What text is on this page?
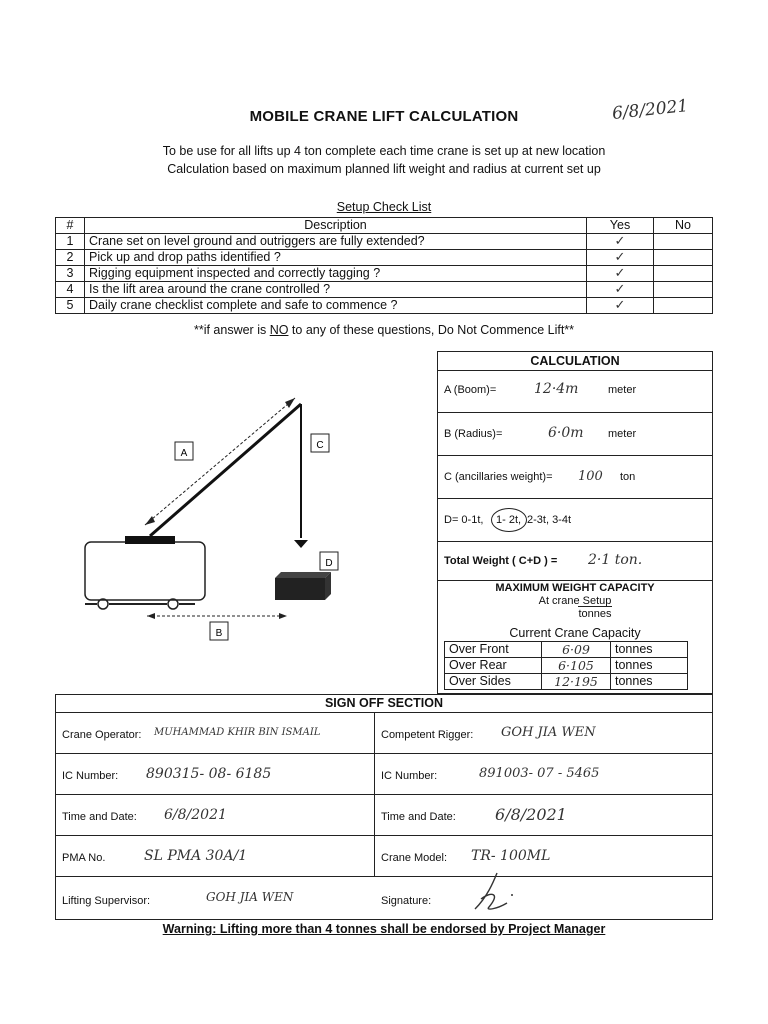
MOBILE CRANE LIFT CALCULATION	6/8/2021
To be use for all lifts up 4 ton complete each time crane is set up at new location
Calculation based on maximum planned lift weight and radius at current set up
Setup Check List
#	Description	Yes	No
1	Crane set on level ground and outriggers are fully extended?	✓	
2	Pick up and drop paths identified ?	✓	
3	Rigging equipment inspected and correctly tagging ?	✓	
4	Is the lift area around the crane controlled ?	✓	
5	Daily crane checklist complete and safe to commence ?	✓	
**if answer is NO to any of these questions, Do Not Commence Lift**
A
C
D
B
CALCULATION
A (Boom)=	12·4m	meter
B (Radius)=	6·0m meter
C (ancillaries weight)= 100 ton
D= 0-1t, 1- 2t, 2-3t, 3-4t
Total Weight ( C+D ) = 2·1 ton.
MAXIMUM WEIGHT CAPACITY
At crane Setup
tonnes
Current Crane Capacity
Over Front	6·09	tonnes
Over Rear	6·105	tonnes
Over Sides	12·195	tonnes
SIGN OFF SECTION
Crane Operator: MUHAMMAD KHIR BIN ISMAIL	Competent Rigger: GOH JIA WEN
IC Number: 890315- 08- 6185	IC Number:	891003- 07 - 5465
Time and Date: 6/8/2021	Time and Date: 6/8/2021
PMA No.	SL PMA 30A/1	Crane Model: TR- 100ML
Lifting Supervisor:	GOH JIA WEN	Signature:
Warning: Lifting more than 4 tonnes shall be endorsed by Project Manager
